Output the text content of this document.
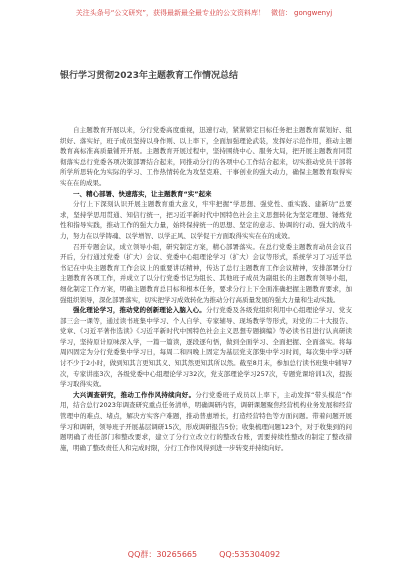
关注头条号“公文研究”，获得最新最全最专业的公文资料库！ 微信： gongwenyj
银行学习贯彻2023年主题教育工作情况总结

自主题教育开展以来，分行党委高度重视，迅速行动，紧紧锁定目标任务把主题教育谋划好、组织好、落实好，班子成员坚持以身作则、以上率下，全面加强理论武装，发挥好示范作用，推动主题教育高标准高质量铺开开展。主题教育开展过程中，坚持围绕中心、服务大局，把开展主题教育同贯彻落实总行党委各项决策部署结合起来，同推动分行的各项中心工作结合起来，切实推动党员干部将所学所思转化为实际的学习、工作热情转化为攻坚克难、干事创业的强大动力，确保主题教育取得实实在在的成果。

一、精心部署、快速落实，让主题教育“实”起来

分行上下深刻认识开展主题教育重大意义，牢牢把握“学思想、强党性、重实践、建新功”总要求，坚持学思用贯通、知信行统一，把习近平新时代中国特色社会主义思想转化为坚定理想、锤炼党性和指导实践，推动工作的强大力量，始终保持统一的思想、坚定的意志、协调的行动、强大的战斗力，努力在以学铸魂、以学增智、以学正风、以学促干方面取得实实在在的成效。

召开专题会议，成立领导小组，研究制定方案，精心部署落实。在总行党委主题教育动员会议召开后，分行通过党委（扩大）会议、党委中心组理论学习（扩大）会议等形式，系统学习了习近平总书记在中央主题教育工作会议上的重要讲话精神，传达了总行主题教育工作会议精神，安排部署分行主题教育各项工作，并成立了以分行党委书记为组长、其他班子成员为副组长的主题教育领导小组，细化制定工作方案，明确主题教育总目标和根本任务，要求分行上下全面准确把握主题教育要求，加强组织领导，深化部署落实，切实把学习成效转化为推动分行高质量发展的强大力量和生动实践。

强化理论学习，推动党的创新理论入脑入心。分行党委及各级党组织利用中心组理论学习、党支部三会一课等，通过读书班集中学习、个人自学、专家辅导、现场教学等形式，对党的二十大报告、党章、《习近平著作选读》《习近平新时代中国特色社会主义思想专题摘编》等必读书目进行认真研读学习，坚持原计原味深入学，一篇一篇读，逐段逐句悟，做到全面学习、全面把握、全面落实。将每周四固定为分行党委集中学习日，每周二和四晚上固定为基层党支部集中学习时间，每次集中学习研讨不少于2小时，做到知其言更知其义、知其然更知其所以然。截至8月末，参加总行读书班集中辅导7次，专家讲座3次，各级党委中心组理论学习32次，党支部理论学习257次，专题党课培训1次，提振学习取得实效。

大兴调查研究，推动工作作风持续向好。分行党委班子成员以上率下，主动发挥“带头模范”作用，结合总行2023年调查研究重点任务清单，明确调研内容，调研课题聚焦经营机构业务发展和经营管理中的难点、堵点，解决方实客户难题，推动普惠增长，打造经营特色等方面问题。带着问题开展学习和调研，领导班子开展基层调研15次，形成调研报告5份；收集梳理问题123个，对于收集到的问题明确了责任部门和整改要求，建立了分行立改立行的整改台账，需要持续性整改的制定了整改措施，明确了整改责任人和完成时限，分行工作作风得到进一步转变并持续向好。

QQ群：30265665	QQ:535304092
